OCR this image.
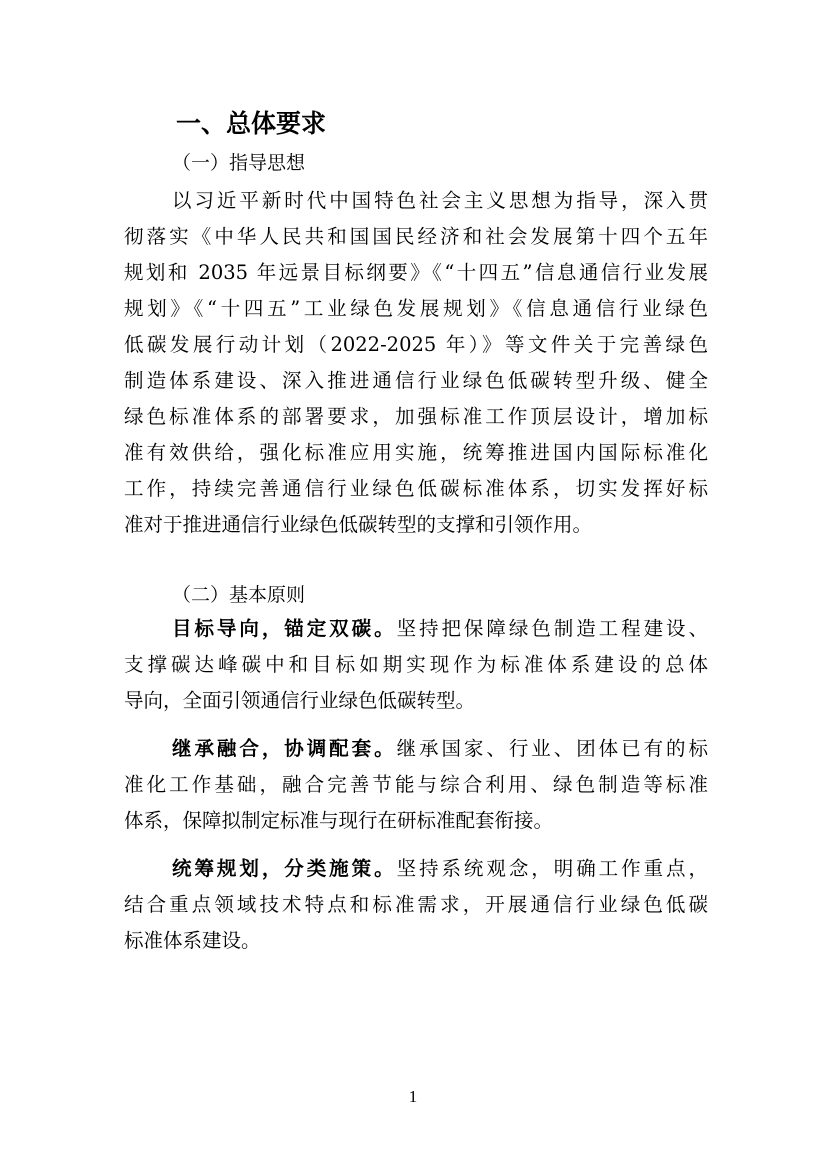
一、总体要求
（一）指导思想
以习近平新时代中国特色社会主义思想为指导，深入贯
彻落实《中华人民共和国国民经济和社会发展第十四个五年
规划和 2035 年远景目标纲要》《“十四五”信息通信行业发展
规划》《“十四五”工业绿色发展规划》《信息通信行业绿色
低碳发展行动计划（2022-2025 年）》等文件关于完善绿色
制造体系建设、深入推进通信行业绿色低碳转型升级、健全
绿色标准体系的部署要求，加强标准工作顶层设计，增加标
准有效供给，强化标准应用实施，统筹推进国内国际标准化
工作，持续完善通信行业绿色低碳标准体系，切实发挥好标
准对于推进通信行业绿色低碳转型的支撑和引领作用。
（二）基本原则
目标导向，锚定双碳。坚持把保障绿色制造工程建设、
支撑碳达峰碳中和目标如期实现作为标准体系建设的总体
导向，全面引领通信行业绿色低碳转型。
继承融合，协调配套。继承国家、行业、团体已有的标
准化工作基础，融合完善节能与综合利用、绿色制造等标准
体系，保障拟制定标准与现行在研标准配套衔接。
统筹规划，分类施策。坚持系统观念，明确工作重点，
结合重点领域技术特点和标准需求，开展通信行业绿色低碳
标准体系建设。
1
